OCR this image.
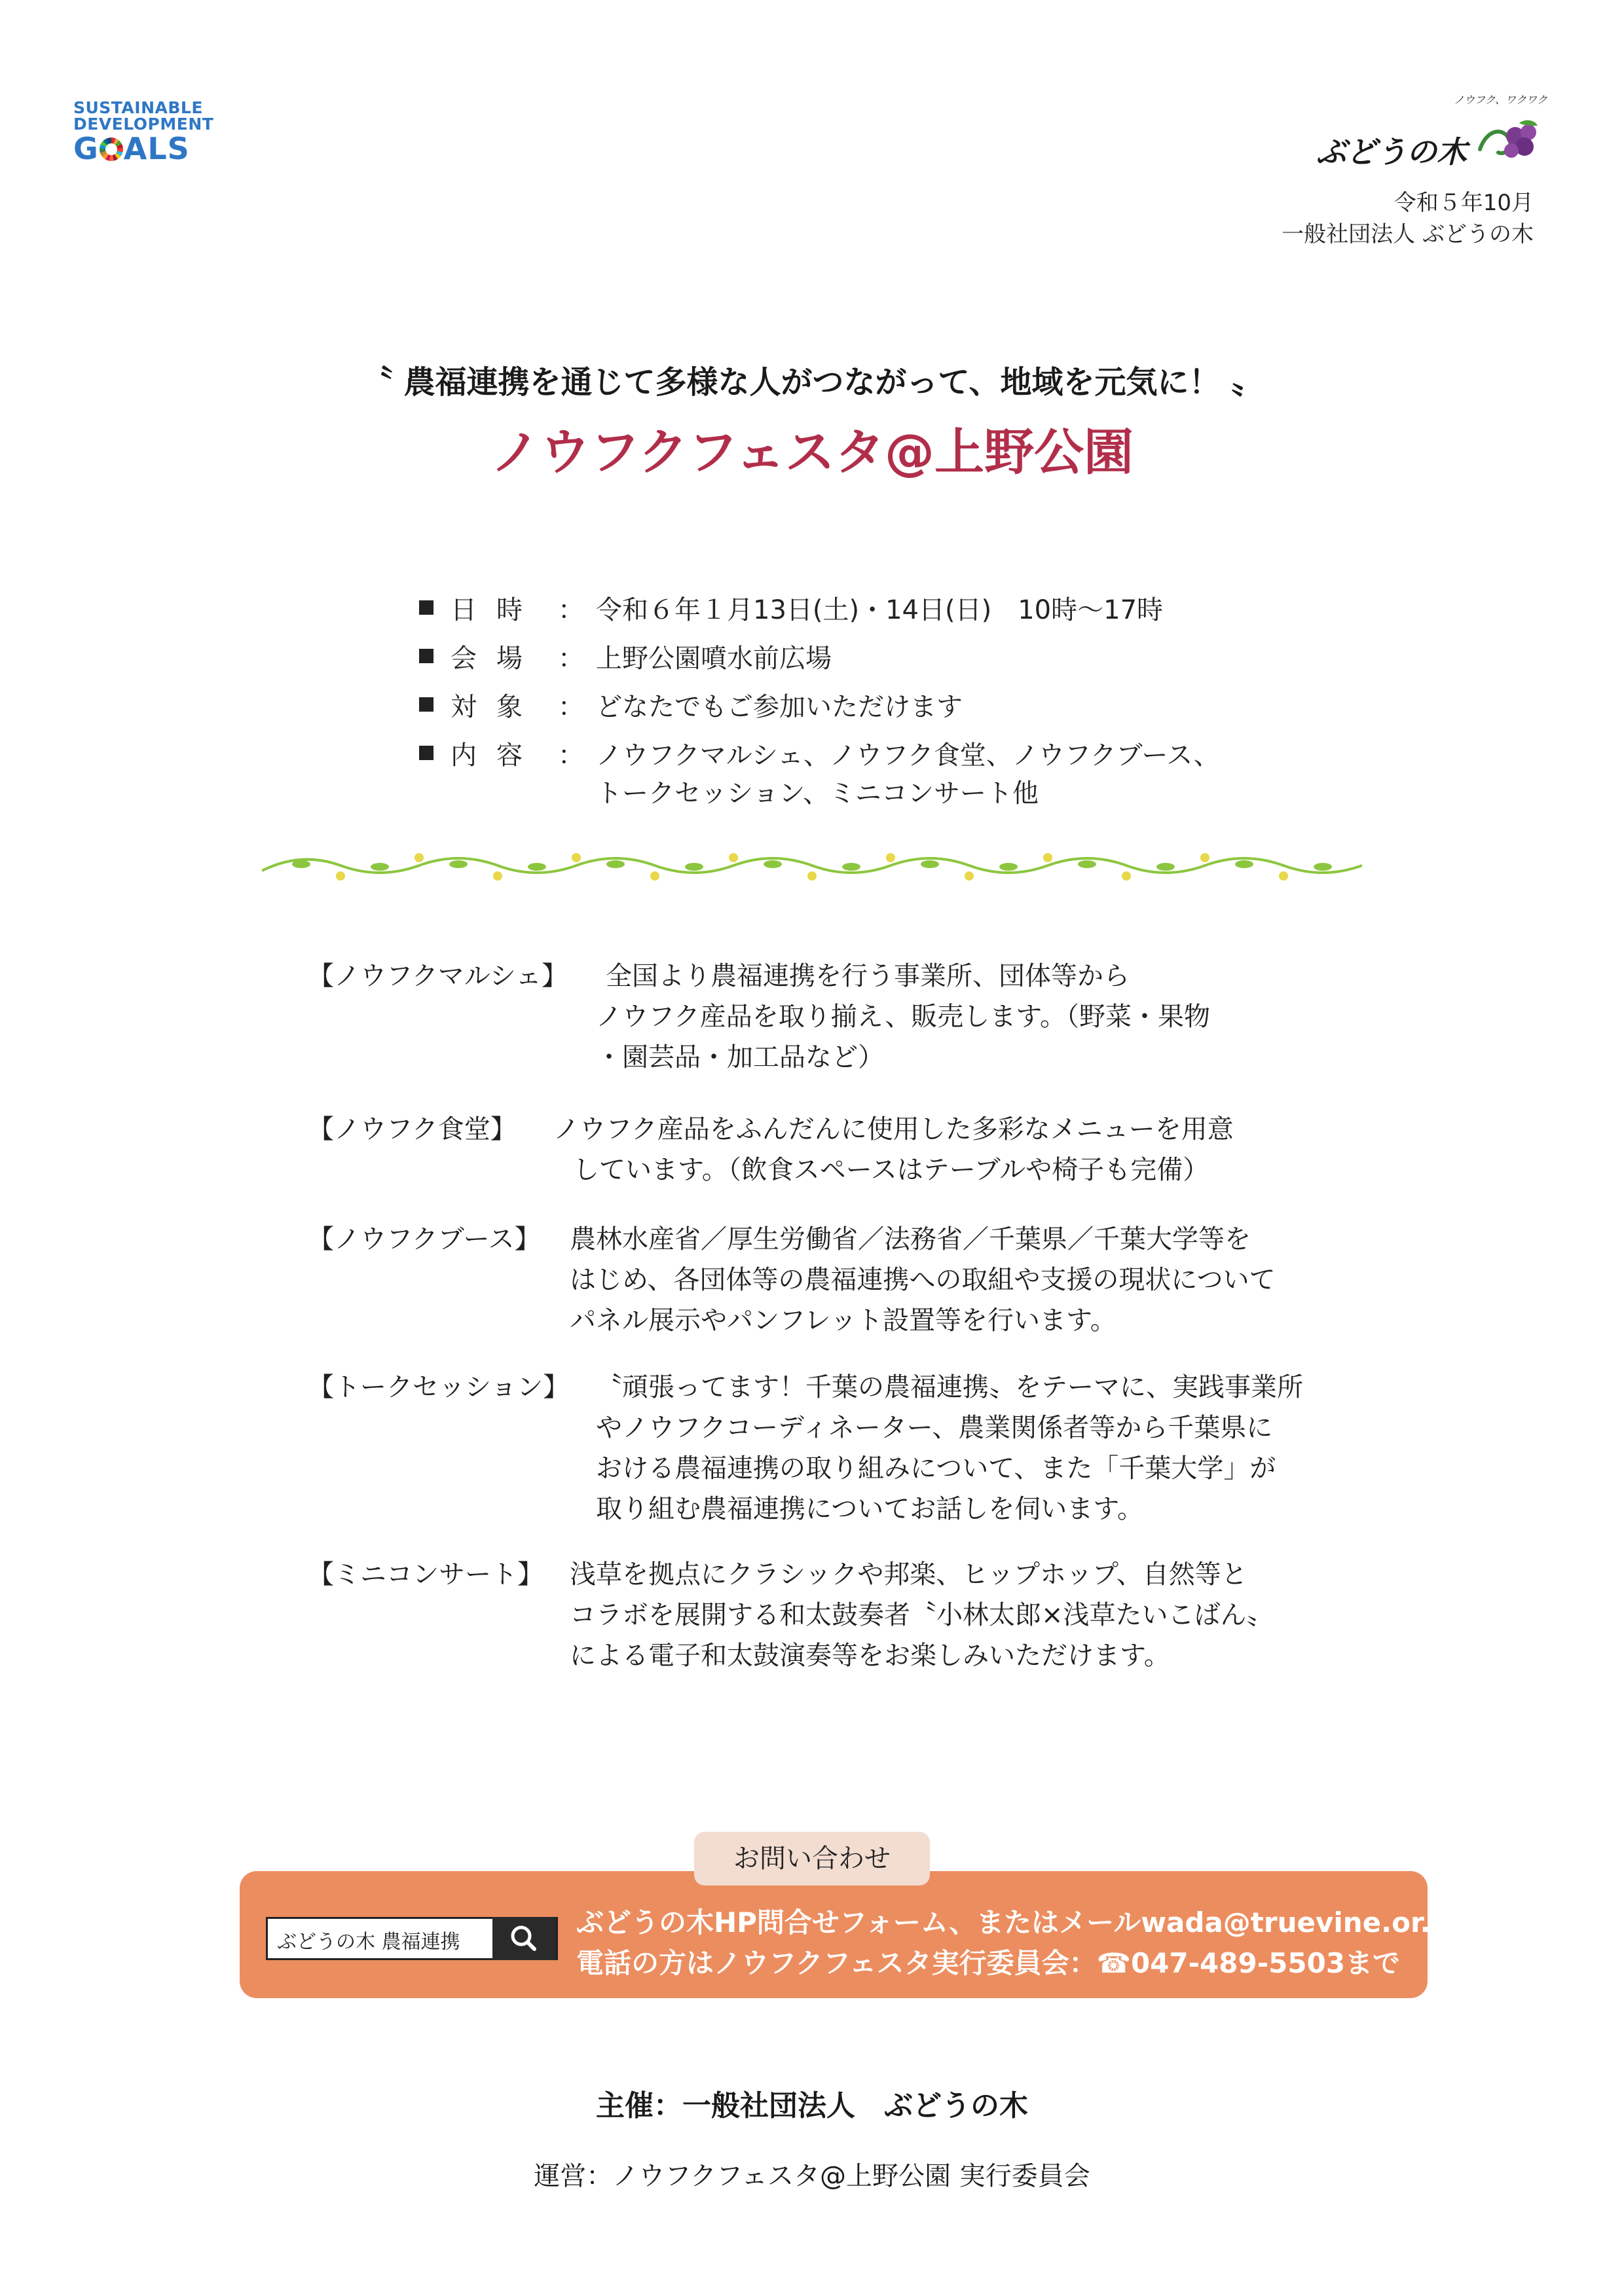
SUSTAINABLE
DEVELOPMENT
G ALS
ノウフク、ワクワク
ぶどうの木
令和５年10月
一般社団法人 ぶどうの木
〝 農福連携を通じて多様な人がつながって、地域を元気に！ 〟
ノウフクフェスタ@上野公園
日時 ： 令和６年１月13日(土)・14日(日)　10時～17時
会場 ： 上野公園噴水前広場
対象 ： どなたでもご参加いただけます
内容 ： ノウフクマルシェ、ノウフク食堂、ノウフクブース、
トークセッション、ミニコンサート他
【ノウフクマルシェ】 全国より農福連携を行う事業所、団体等から
ノウフク産品を取り揃え、販売します。（野菜・果物
・園芸品・加工品など）
【ノウフク食堂】 ノウフク産品をふんだんに使用した多彩なメニューを用意
しています。（飲食スペースはテーブルや椅子も完備）
【ノウフクブース】 農林水産省／厚生労働省／法務省／千葉県／千葉大学等を
はじめ、各団体等の農福連携への取組や支援の現状について
パネル展示やパンフレット設置等を行います。
【トークセッション】 〝頑張ってます！千葉の農福連携〟をテーマに、実践事業所
やノウフクコーディネーター、農業関係者等から千葉県に
おける農福連携の取り組みについて、また「千葉大学」が
取り組む農福連携についてお話しを伺います。
【ミニコンサート】 浅草を拠点にクラシックや邦楽、ヒップホップ、自然等と
コラボを展開する和太鼓奏者〝小林太郎×浅草たいこばん〟
による電子和太鼓演奏等をお楽しみいただけます。
お問い合わせ
ぶどうの木 農福連携
ぶどうの木HP問合せフォーム、またはメールwada@truevine.or.jp
電話の方はノウフクフェスタ実行委員会：☎047-489-5503まで
主催：一般社団法人　ぶどうの木
運営：ノウフクフェスタ@上野公園 実行委員会
